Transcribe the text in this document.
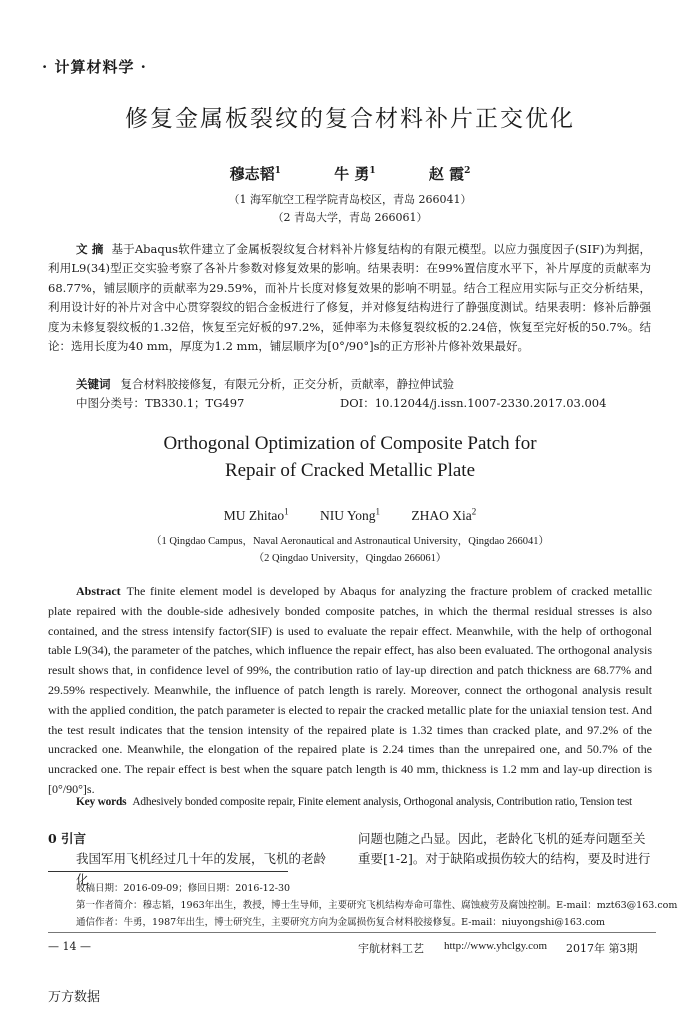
· 计算材料学 ·
修复金属板裂纹的复合材料补片正交优化
穆志韬$^1$	牛 勇$^1$	赵 霞$^2$
（1 海军航空工程学院青岛校区，青岛 266041）
（2 青岛大学，青岛 266061）
文 摘 基于Abaqus软件建立了金属板裂纹复合材料补片修复结构的有限元模型。以应力强度因子(SIF)为判据，利用L9(34)型正交实验考察了各补片参数对修复效果的影响。结果表明：在99%置信度水平下，补片厚度的贡献率为68.77%，铺层顺序的贡献率为29.59%，而补片长度对修复效果的影响不明显。结合工程应用实际与正交分析结果，利用设计好的补片对含中心贯穿裂纹的铝合金板进行了修复，并对修复结构进行了静强度测试。结果表明：修补后静强度为未修复裂纹板的1.32倍，恢复至完好板的97.2%，延伸率为未修复裂纹板的2.24倍，恢复至完好板的50.7%。结论：选用长度为40 mm，厚度为1.2 mm，铺层顺序为[0°/90°]s的正方形补片修补效果最好。
关键词 复合材料胶接修复，有限元分析，正交分析，贡献率，静拉伸试验
中图分类号：TB330.1；TG497	DOI：10.12044/j.issn.1007-2330.2017.03.004
Orthogonal Optimization of Composite Patch for
Repair of Cracked Metallic Plate
MU Zhitao$^1$ NIU Yong$^1$ ZHAO Xia$^2$
（1 Qingdao Campus，Naval Aeronautical and Astronautical University，Qingdao 266041）
（2 Qingdao University，Qingdao 266061）
Abstract The finite element model is developed by Abaqus for analyzing the fracture problem of cracked metallic plate repaired with the double-side adhesively bonded composite patches, in which the thermal residual stresses is also contained, and the stress intensify factor(SIF) is used to evaluate the repair effect. Meanwhile, with the help of orthogonal table L9(34), the parameter of the patches, which influence the repair effect, has also been evaluated. The orthogonal analysis result shows that, in confidence level of 99%, the contribution ratio of lay-up direction and patch thickness are 68.77% and 29.59% respectively. Meanwhile, the influence of patch length is rarely. Moreover, connect the orthogonal analysis result with the applied condition, the patch parameter is elected to repair the cracked metallic plate for the uniaxial tension test. And the test result indicates that the tension intensity of the repaired plate is 1.32 times than cracked plate, and 97.2% of the uncracked one. Meanwhile, the elongation of the repaired plate is 2.24 times than the unrepaired one, and 50.7% of the uncracked one. The repair effect is best when the square patch length is 40 mm, thickness is 1.2 mm and lay-up direction is [0°/90°]s.
Key words Adhesively bonded composite repair, Finite element analysis, Orthogonal analysis, Contribution ratio, Tension test
0 引言
我国军用飞机经过几十年的发展，飞机的老龄化
问题也随之凸显。因此，老龄化飞机的延寿问题至关
重要[1-2]。对于缺陷或损伤较大的结构，要及时进行
收稿日期：2016-09-09；修回日期：2016-12-30
第一作者简介：穆志韬，1963年出生，教授，博士生导师，主要研究飞机结构寿命可靠性、腐蚀疲劳及腐蚀控制。E-mail：mzt63@163.com
通信作者：牛勇，1987年出生，博士研究生，主要研究方向为金属损伤复合材料胶接修复。E-mail：niuyongshi@163.com
— 14 —	宇航材料工艺 http://www.yhclgy.com 2017年 第3期
万方数据
